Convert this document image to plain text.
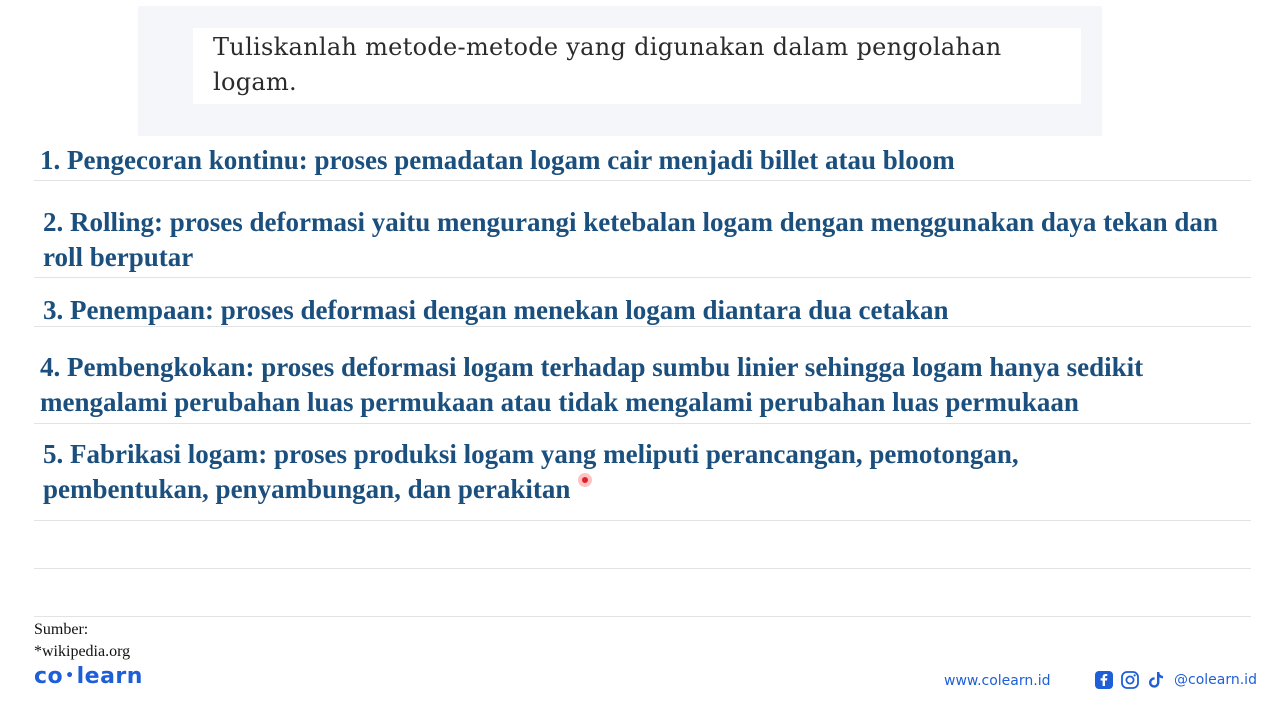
Tuliskanlah metode-metode yang digunakan dalam pengolahan logam.
1. Pengecoran kontinu: proses pemadatan logam cair menjadi billet atau bloom
2. Rolling: proses deformasi yaitu mengurangi ketebalan logam dengan menggunakan daya tekan dan roll berputar
3. Penempaan: proses deformasi dengan menekan logam diantara dua cetakan
4. Pembengkokan: proses deformasi logam terhadap sumbu linier sehingga logam hanya sedikit mengalami perubahan luas permukaan atau tidak mengalami perubahan luas permukaan
5. Fabrikasi logam: proses produksi logam yang meliputi perancangan, pemotongan, pembentukan, penyambungan, dan perakitan
Sumber:
*wikipedia.org
co •learn	www.colearn.id	@colearn.id
